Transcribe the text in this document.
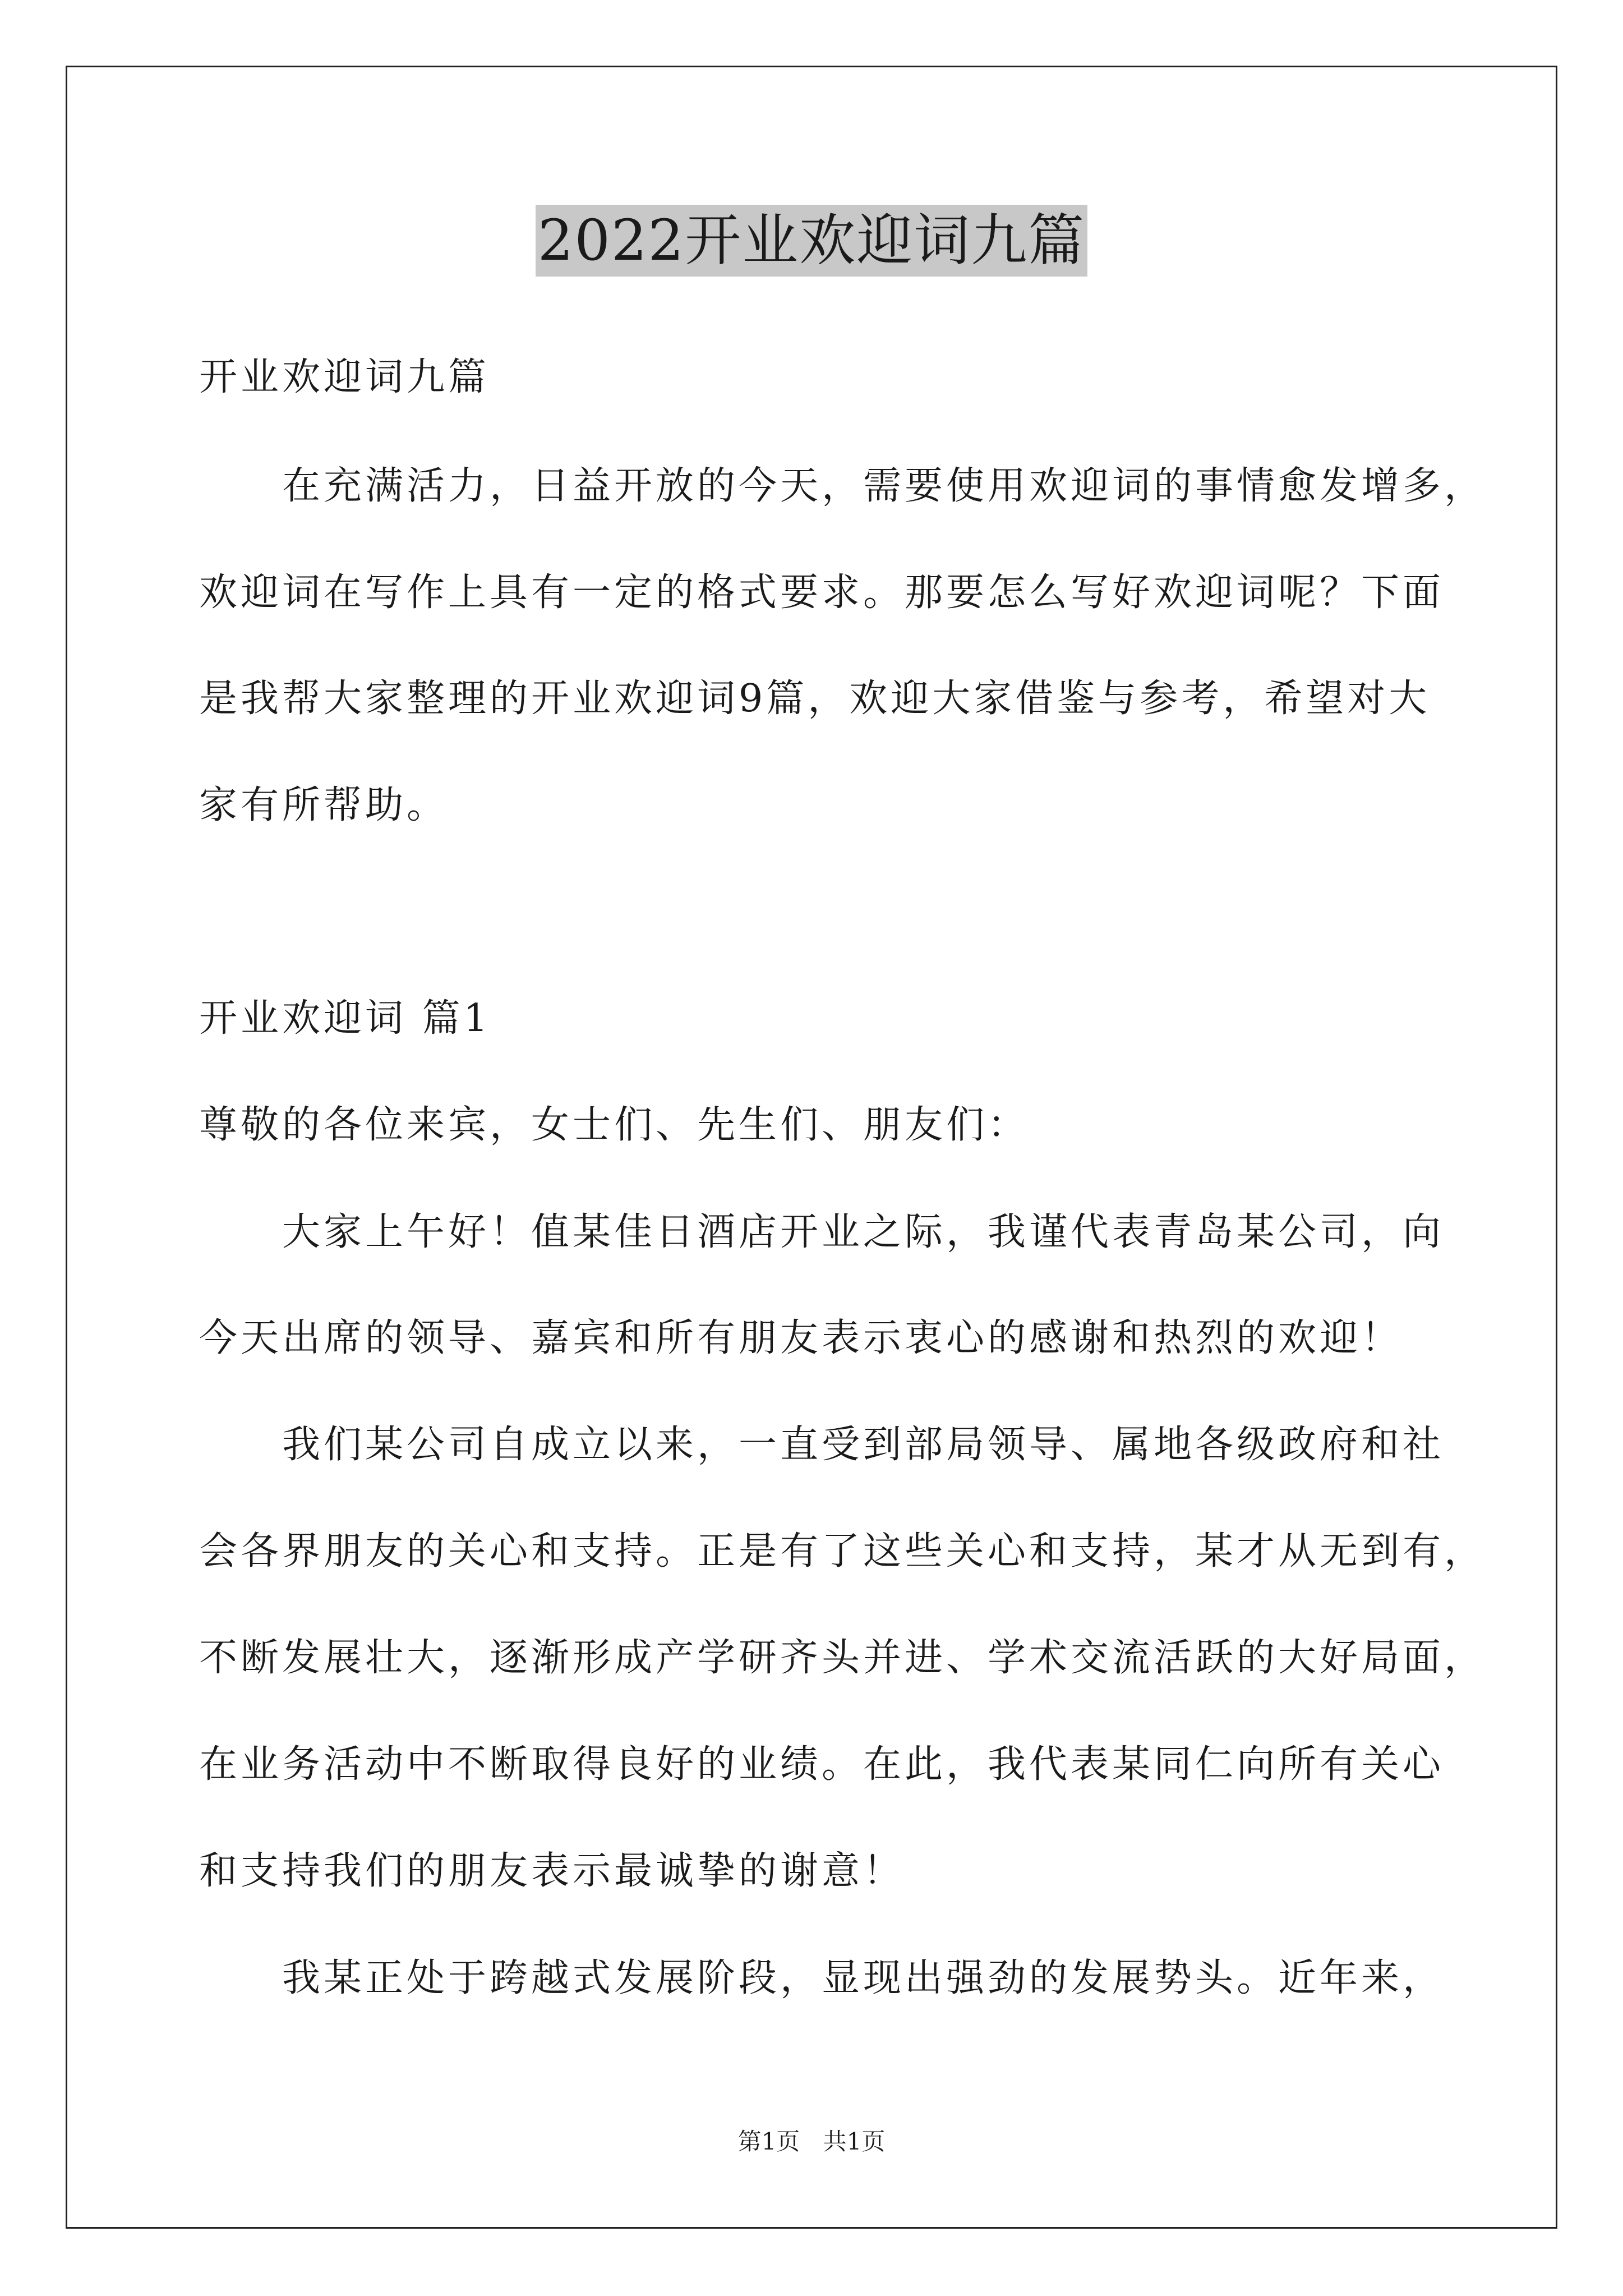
2022开业欢迎词九篇

开业欢迎词九篇

在充满活力，日益开放的今天，需要使用欢迎词的事情愈发增多，

欢迎词在写作上具有一定的格式要求。那要怎么写好欢迎词呢？下面

是我帮大家整理的开业欢迎词9篇，欢迎大家借鉴与参考，希望对大

家有所帮助。

开业欢迎词 篇1

尊敬的各位来宾，女士们、先生们、朋友们：

大家上午好！值某佳日酒店开业之际，我谨代表青岛某公司，向

今天出席的领导、嘉宾和所有朋友表示衷心的感谢和热烈的欢迎！

我们某公司自成立以来，一直受到部局领导、属地各级政府和社

会各界朋友的关心和支持。正是有了这些关心和支持，某才从无到有，

不断发展壮大，逐渐形成产学研齐头并进、学术交流活跃的大好局面，

在业务活动中不断取得良好的业绩。在此，我代表某同仁向所有关心

和支持我们的朋友表示最诚挚的谢意！

我某正处于跨越式发展阶段，显现出强劲的发展势头。近年来，

第1页 共1页
